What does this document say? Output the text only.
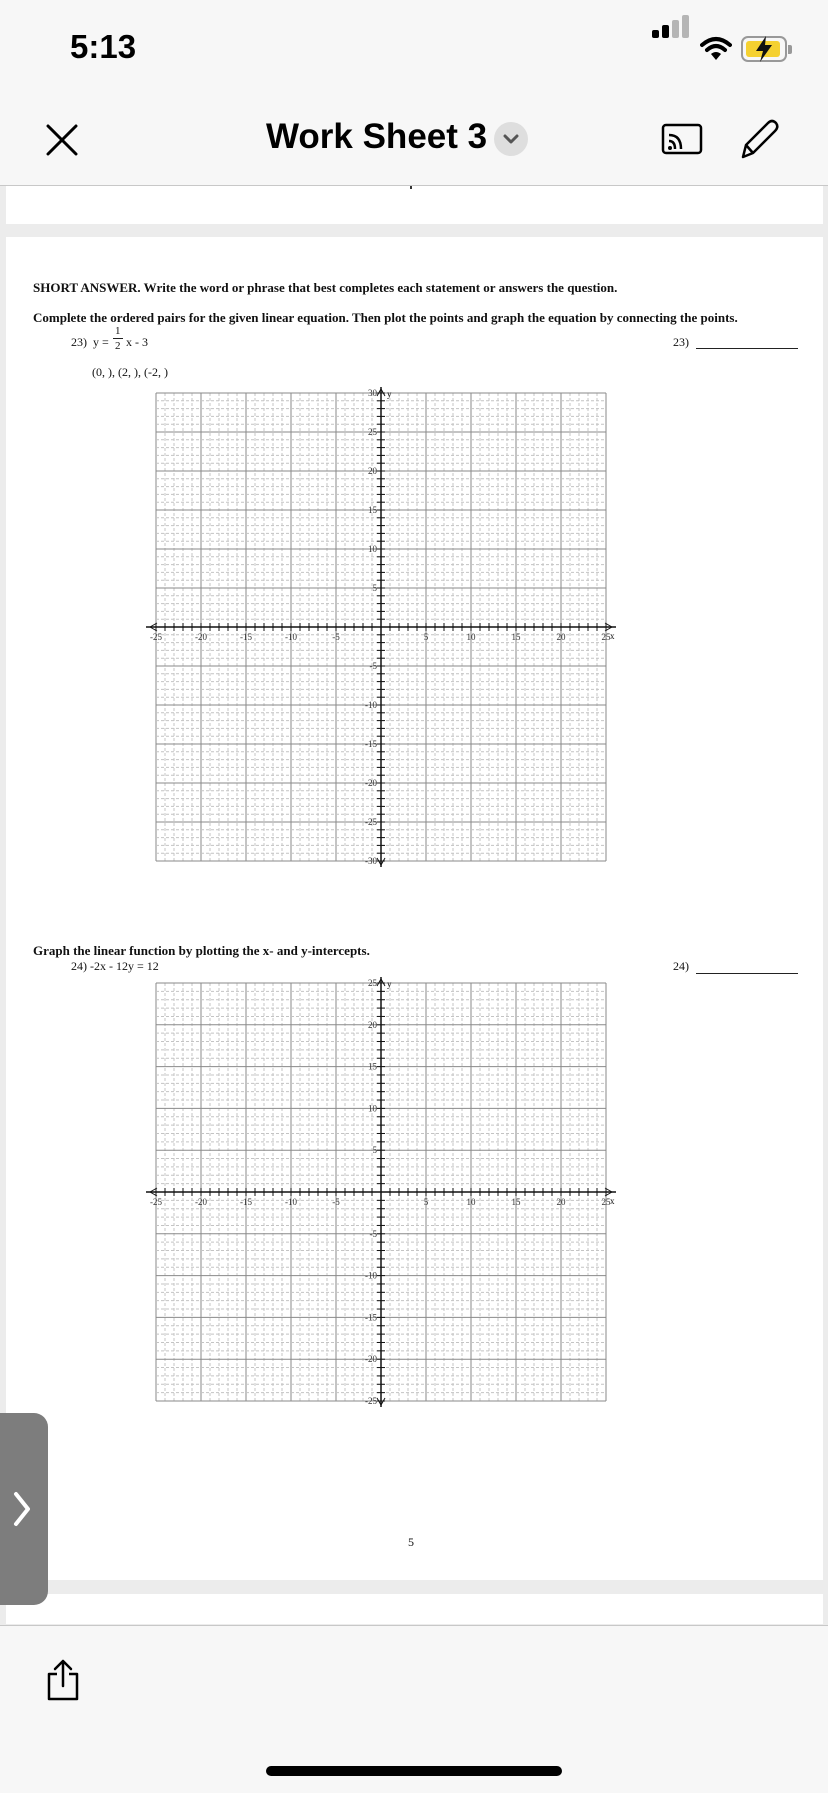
5:13
Work Sheet 3
SHORT ANSWER. Write the word or phrase that best completes each statement or answers the question.
Complete the ordered pairs for the given linear equation. Then plot the points and graph the equation by connecting the points.
23) y =
1
2 x - 3
(0, ), (2, ), (-2, )
23)
x
y
-25	-20	-15	-10	-5	5	10	15	20	25
30
25
20
15
10
5
-5
-10
-15
-20
-25
-30
Graph the linear function by plotting the x- and y-intercepts.
24) -2x - 12y = 12	24)
x
y
-25	-20	-15	-10	-5	5	10	15	20	25
25
20
15
10
5
-5
-10
-15
-20
-25
5
